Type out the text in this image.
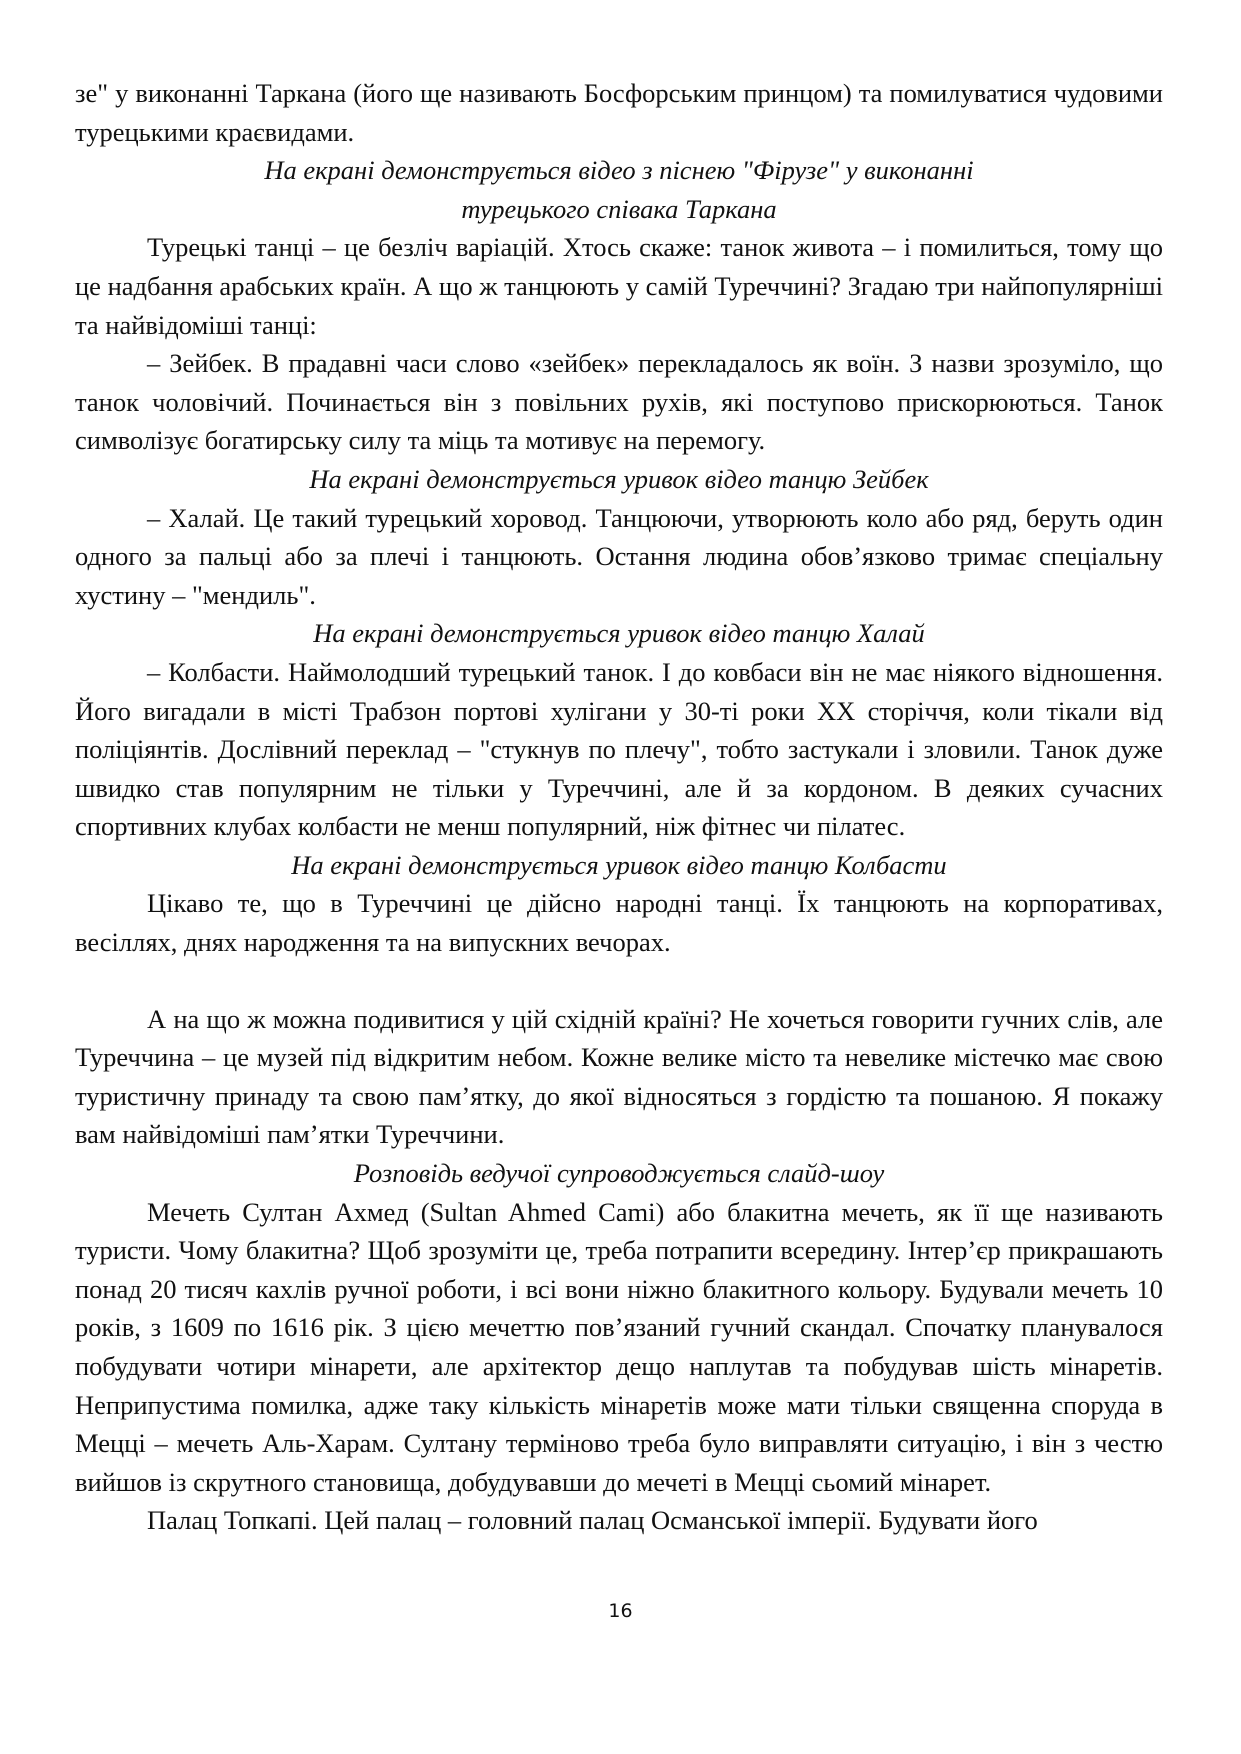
зе" у виконанні Таркана (його ще називають Босфорським принцом) та помилуватися чудовими турецькими краєвидами.

На екрані демонструється відео з піснею "Фірузе" у виконанні

турецького співака Таркана

Турецькі танці – це безліч варіацій. Хтось скаже: танок живота – і помилиться, тому що це надбання арабських країн. А що ж танцюють у самій Туреччині? Згадаю три найпопулярніші та найвідоміші танці:

– Зейбек. В прадавні часи слово «зейбек» перекладалось як воїн. З назви зрозуміло, що танок чоловічий. Починається він з повільних рухів, які поступово прискорюються. Танок символізує богатирську силу та міць та мотивує на перемогу.

На екрані демонструється уривок відео танцю Зейбек

– Халай. Це такий турецький хоровод. Танцюючи, утворюють коло або ряд, беруть один одного за пальці або за плечі і танцюють. Остання людина обов’язково тримає спеціальну хустину – "мендиль".

На екрані демонструється уривок відео танцю Халай

– Колбасти. Наймолодший турецький танок. І до ковбаси він не має ніякого відношення. Його вигадали в місті Трабзон портові хулігани у 30-ті роки XX сторіччя, коли тікали від поліціянтів. Дослівний переклад – "стукнув по плечу", тобто застукали і зловили. Танок дуже швидко став популярним не тільки у Туреччині, але й за кордоном. В деяких сучасних спортивних клубах колбасти не менш популярний, ніж фітнес чи пілатес.

На екрані демонструється уривок відео танцю Колбасти

Цікаво те, що в Туреччині це дійсно народні танці. Їх танцюють на корпоративах, весіллях, днях народження та на випускних вечорах.

А на що ж можна подивитися у цій східній країні? Не хочеться говорити гучних слів, але Туреччина – це музей під відкритим небом. Кожне велике місто та невелике містечко має свою туристичну принаду та свою пам’ятку, до якої відносяться з гордістю та пошаною. Я покажу вам найвідоміші пам’ятки Туреччини.

Розповідь ведучої супроводжується слайд-шоу

Мечеть Султан Ахмед (Sultan Ahmed Cami) або блакитна мечеть, як її ще називають туристи. Чому блакитна? Щоб зрозуміти це, треба потрапити всередину. Інтер’єр прикрашають понад 20 тисяч кахлів ручної роботи, і всі вони ніжно блакитного кольору. Будували мечеть 10 років, з 1609 по 1616 рік. З цією мечеттю пов’язаний гучний скандал. Спочатку планувалося побудувати чотири мінарети, але архітектор дещо наплутав та побудував шість мінаретів. Неприпустима помилка, адже таку кількість мінаретів може мати тільки священна споруда в Мецці – мечеть Аль-Харам. Султану терміново треба було виправляти ситуацію, і він з честю вийшов із скрутного становища, добудувавши до мечеті в Мецці сьомий мінарет.

Палац Топкапі. Цей палац – головний палац Османської імперії. Будувати його

16
